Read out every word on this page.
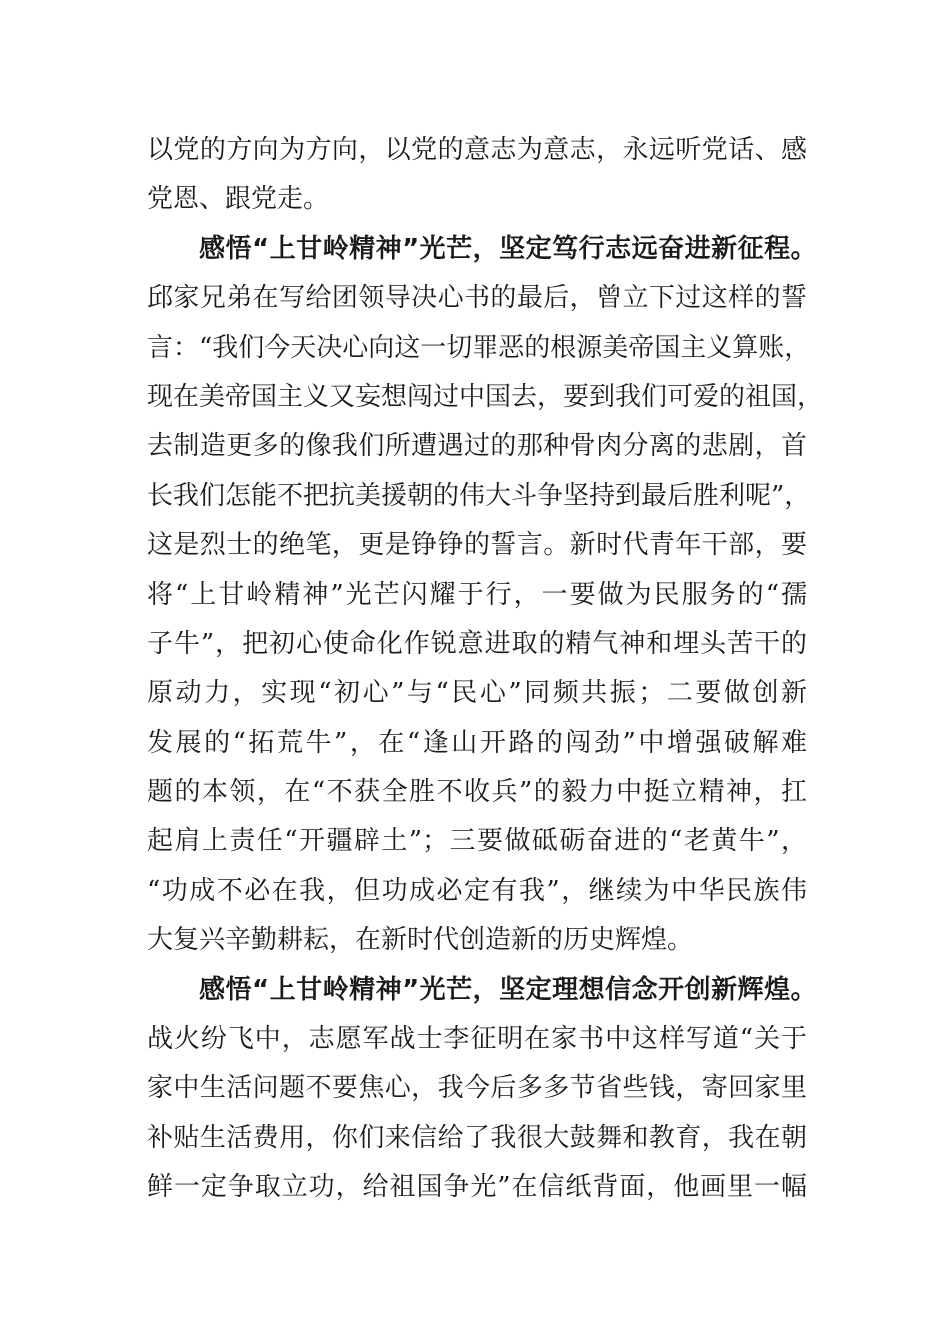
以党的方向为方向，以党的意志为意志，永远听党话、感
党恩、跟党走。
感悟“上甘岭精神”光芒，坚定笃行志远奋进新征程。
邱家兄弟在写给团领导决心书的最后，曾立下过这样的誓
言：“我们今天决心向这一切罪恶的根源美帝国主义算账，
现在美帝国主义又妄想闯过中国去，要到我们可爱的祖国，
去制造更多的像我们所遭遇过的那种骨肉分离的悲剧，首
长我们怎能不把抗美援朝的伟大斗争坚持到最后胜利呢”，
这是烈士的绝笔，更是铮铮的誓言。新时代青年干部，要
将“上甘岭精神”光芒闪耀于行，一要做为民服务的“孺
子牛”，把初心使命化作锐意进取的精气神和埋头苦干的
原动力，实现“初心”与“民心”同频共振；二要做创新
发展的“拓荒牛”，在“逢山开路的闯劲”中增强破解难
题的本领，在“不获全胜不收兵”的毅力中挺立精神，扛
起肩上责任“开疆辟土”；三要做砥砺奋进的“老黄牛”，
“功成不必在我，但功成必定有我”，继续为中华民族伟
大复兴辛勤耕耘，在新时代创造新的历史辉煌。
感悟“上甘岭精神”光芒，坚定理想信念开创新辉煌。
战火纷飞中，志愿军战士李征明在家书中这样写道“关于
家中生活问题不要焦心，我今后多多节省些钱，寄回家里
补贴生活费用，你们来信给了我很大鼓舞和教育，我在朝
鲜一定争取立功，给祖国争光”在信纸背面，他画里一幅
